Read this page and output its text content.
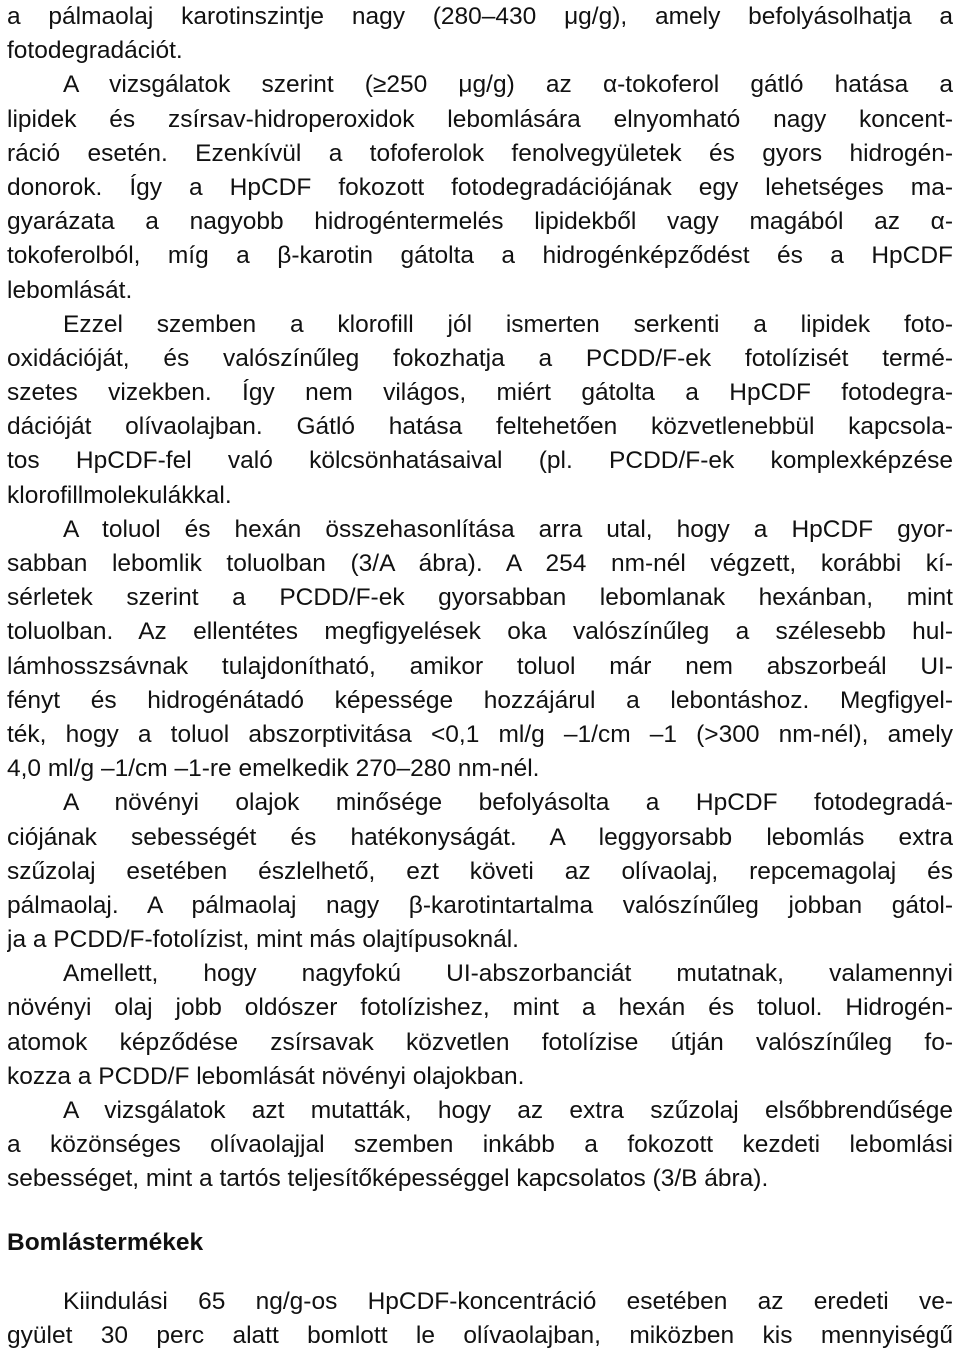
a pálmaolaj karotinszintje nagy (280–430 μg/g), amely befolyásolhatja a
fotodegradációt.
A vizsgálatok szerint (≥250 μg/g) az α-tokoferol gátló hatása a
lipidek és zsírsav-hidroperoxidok lebomlására elnyomható nagy koncent-
ráció esetén. Ezenkívül a tofoferolok fenolvegyületek és gyors hidrogén-
donorok. Így a HpCDF fokozott fotodegradációjának egy lehetséges ma-
gyarázata a nagyobb hidrogéntermelés lipidekből vagy magából az α-
tokoferolból, míg a β-karotin gátolta a hidrogénképződést és a HpCDF
lebomlását.
Ezzel szemben a klorofill jól ismerten serkenti a lipidek foto-
oxidációját, és valószínűleg fokozhatja a PCDD/F-ek fotolízisét termé-
szetes vizekben. Így nem világos, miért gátolta a HpCDF fotodegra-
dációját olívaolajban. Gátló hatása feltehetően közvetlenebbül kapcsola-
tos HpCDF-fel való kölcsönhatásaival (pl. PCDD/F-ek komplexképzése
klorofillmolekulákkal.
A toluol és hexán összehasonlítása arra utal, hogy a HpCDF gyor-
sabban lebomlik toluolban (3/A ábra). A 254 nm-nél végzett, korábbi kí-
sérletek szerint a PCDD/F-ek gyorsabban lebomlanak hexánban, mint
toluolban. Az ellentétes megfigyelések oka valószínűleg a szélesebb hul-
lámhosszsávnak tulajdonítható, amikor toluol már nem abszorbeál UI-
fényt és hidrogénátadó képessége hozzájárul a lebontáshoz. Megfigyel-
ték, hogy a toluol abszorptivitása <0,1 ml/g –1/cm –1 (>300 nm-nél), amely
4,0 ml/g –1/cm –1-re emelkedik 270–280 nm-nél.
A növényi olajok minősége befolyásolta a HpCDF fotodegradá-
ciójának sebességét és hatékonyságát. A leggyorsabb lebomlás extra
szűzolaj esetében észlelhető, ezt követi az olívaolaj, repcemagolaj és
pálmaolaj. A pálmaolaj nagy β-karotintartalma valószínűleg jobban gátol-
ja a PCDD/F-fotolízist, mint más olajtípusoknál.
Amellett, hogy nagyfokú UI-abszorbanciát mutatnak, valamennyi
növényi olaj jobb oldószer fotolízishez, mint a hexán és toluol. Hidrogén-
atomok képződése zsírsavak közvetlen fotolízise útján valószínűleg fo-
kozza a PCDD/F lebomlását növényi olajokban.
A vizsgálatok azt mutatták, hogy az extra szűzolaj elsőbbrendűsége
a közönséges olívaolajjal szemben inkább a fokozott kezdeti lebomlási
sebességet, mint a tartós teljesítőképességgel kapcsolatos (3/B ábra).
Bomlástermékek
Kiindulási 65 ng/g-os HpCDF-koncentráció esetében az eredeti ve-
gyület 30 perc alatt bomlott le olívaolajban, miközben kis mennyiségű
